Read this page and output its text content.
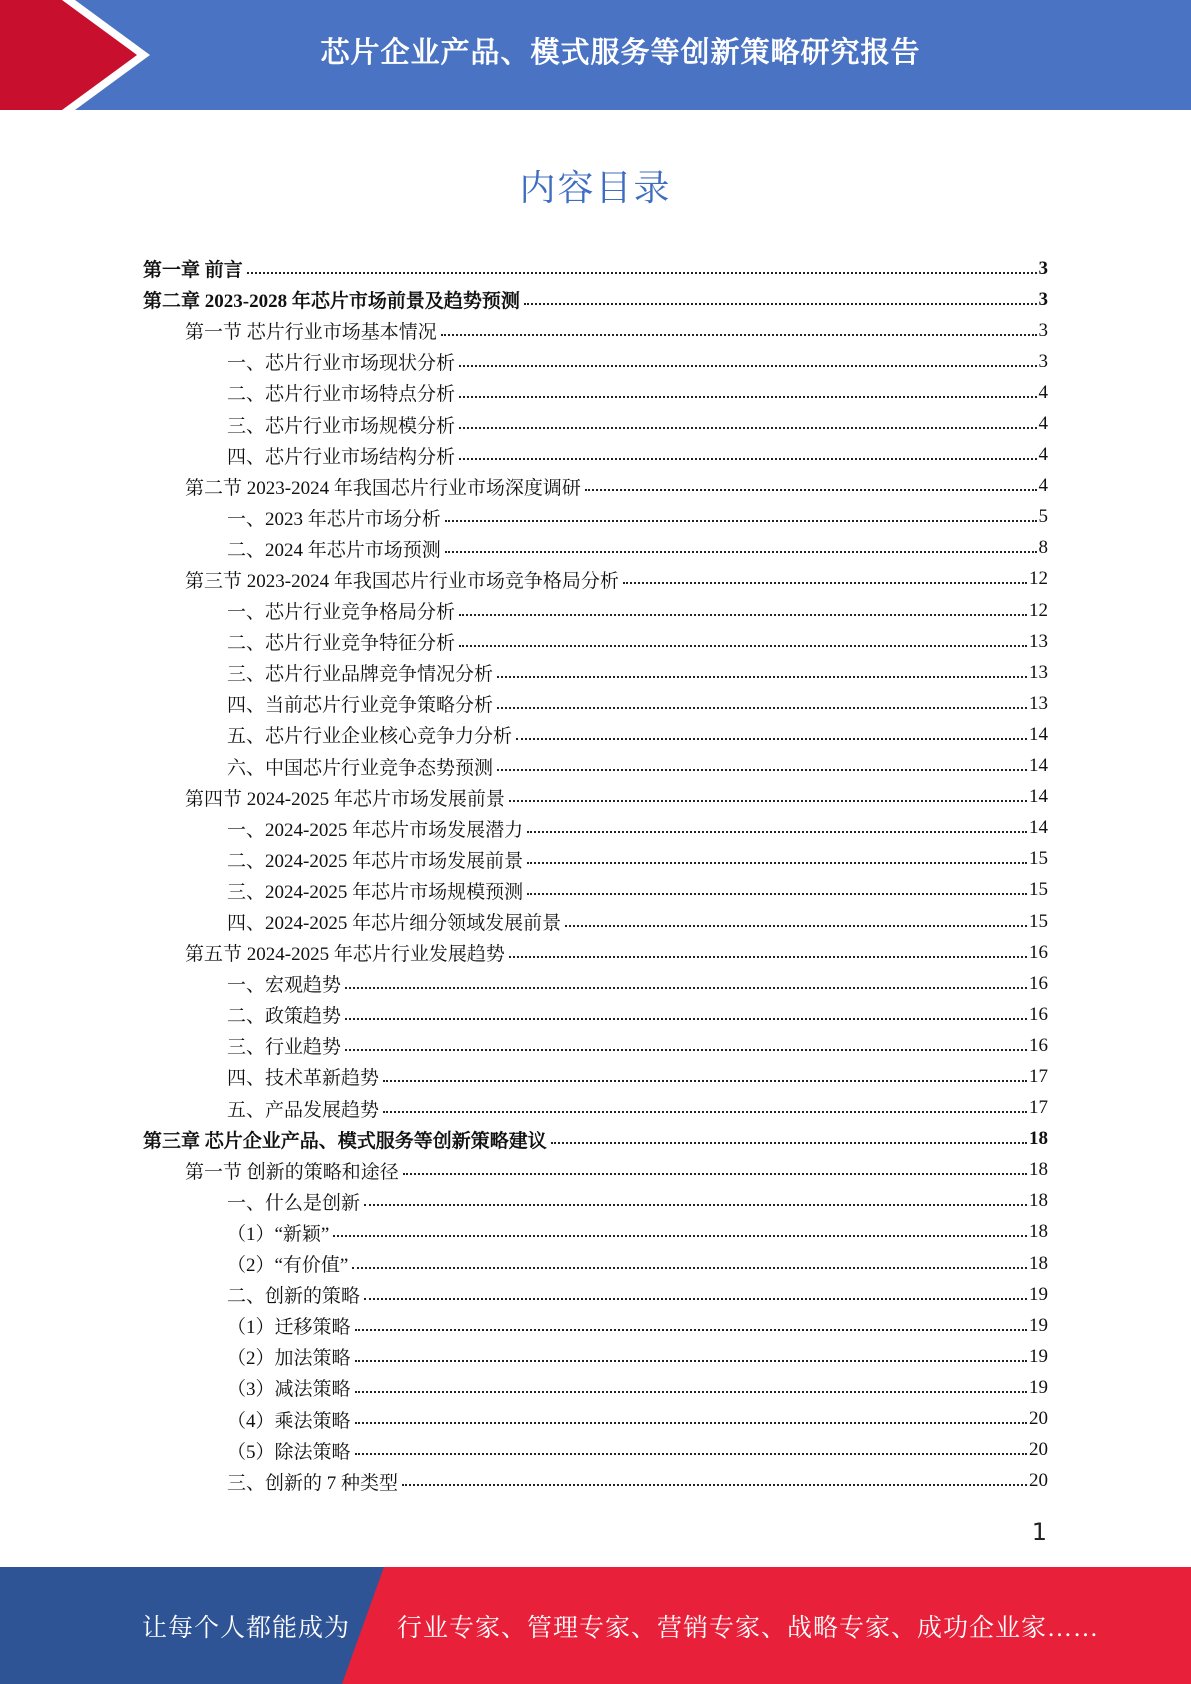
芯片企业产品、模式服务等创新策略研究报告
内容目录
第一章 前言	3
第二章 2023-2028 年芯片市场前景及趋势预测	3
第一节 芯片行业市场基本情况	3
一、芯片行业市场现状分析	3
二、芯片行业市场特点分析	4
三、芯片行业市场规模分析	4
四、芯片行业市场结构分析	4
第二节 2023-2024 年我国芯片行业市场深度调研	4
一、2023 年芯片市场分析	5
二、2024 年芯片市场预测	8
第三节 2023-2024 年我国芯片行业市场竞争格局分析	12
一、芯片行业竞争格局分析	12
二、芯片行业竞争特征分析	13
三、芯片行业品牌竞争情况分析	13
四、当前芯片行业竞争策略分析	13
五、芯片行业企业核心竞争力分析	14
六、中国芯片行业竞争态势预测	14
第四节 2024-2025 年芯片市场发展前景	14
一、2024-2025 年芯片市场发展潜力	14
二、2024-2025 年芯片市场发展前景	15
三、2024-2025 年芯片市场规模预测	15
四、2024-2025 年芯片细分领域发展前景	15
第五节 2024-2025 年芯片行业发展趋势	16
一、宏观趋势	16
二、政策趋势	16
三、行业趋势	16
四、技术革新趋势	17
五、产品发展趋势	17
第三章 芯片企业产品、模式服务等创新策略建议	18
第一节 创新的策略和途径	18
一、什么是创新	18
（1）“新颖”	18
（2）“有价值”	18
二、创新的策略	19
（1）迁移策略	19
（2）加法策略	19
（3）减法策略	19
（4）乘法策略	20
（5）除法策略	20
三、创新的 7 种类型	20
1
让每个人都能成为 行业专家、管理专家、营销专家、战略专家、成功企业家……
